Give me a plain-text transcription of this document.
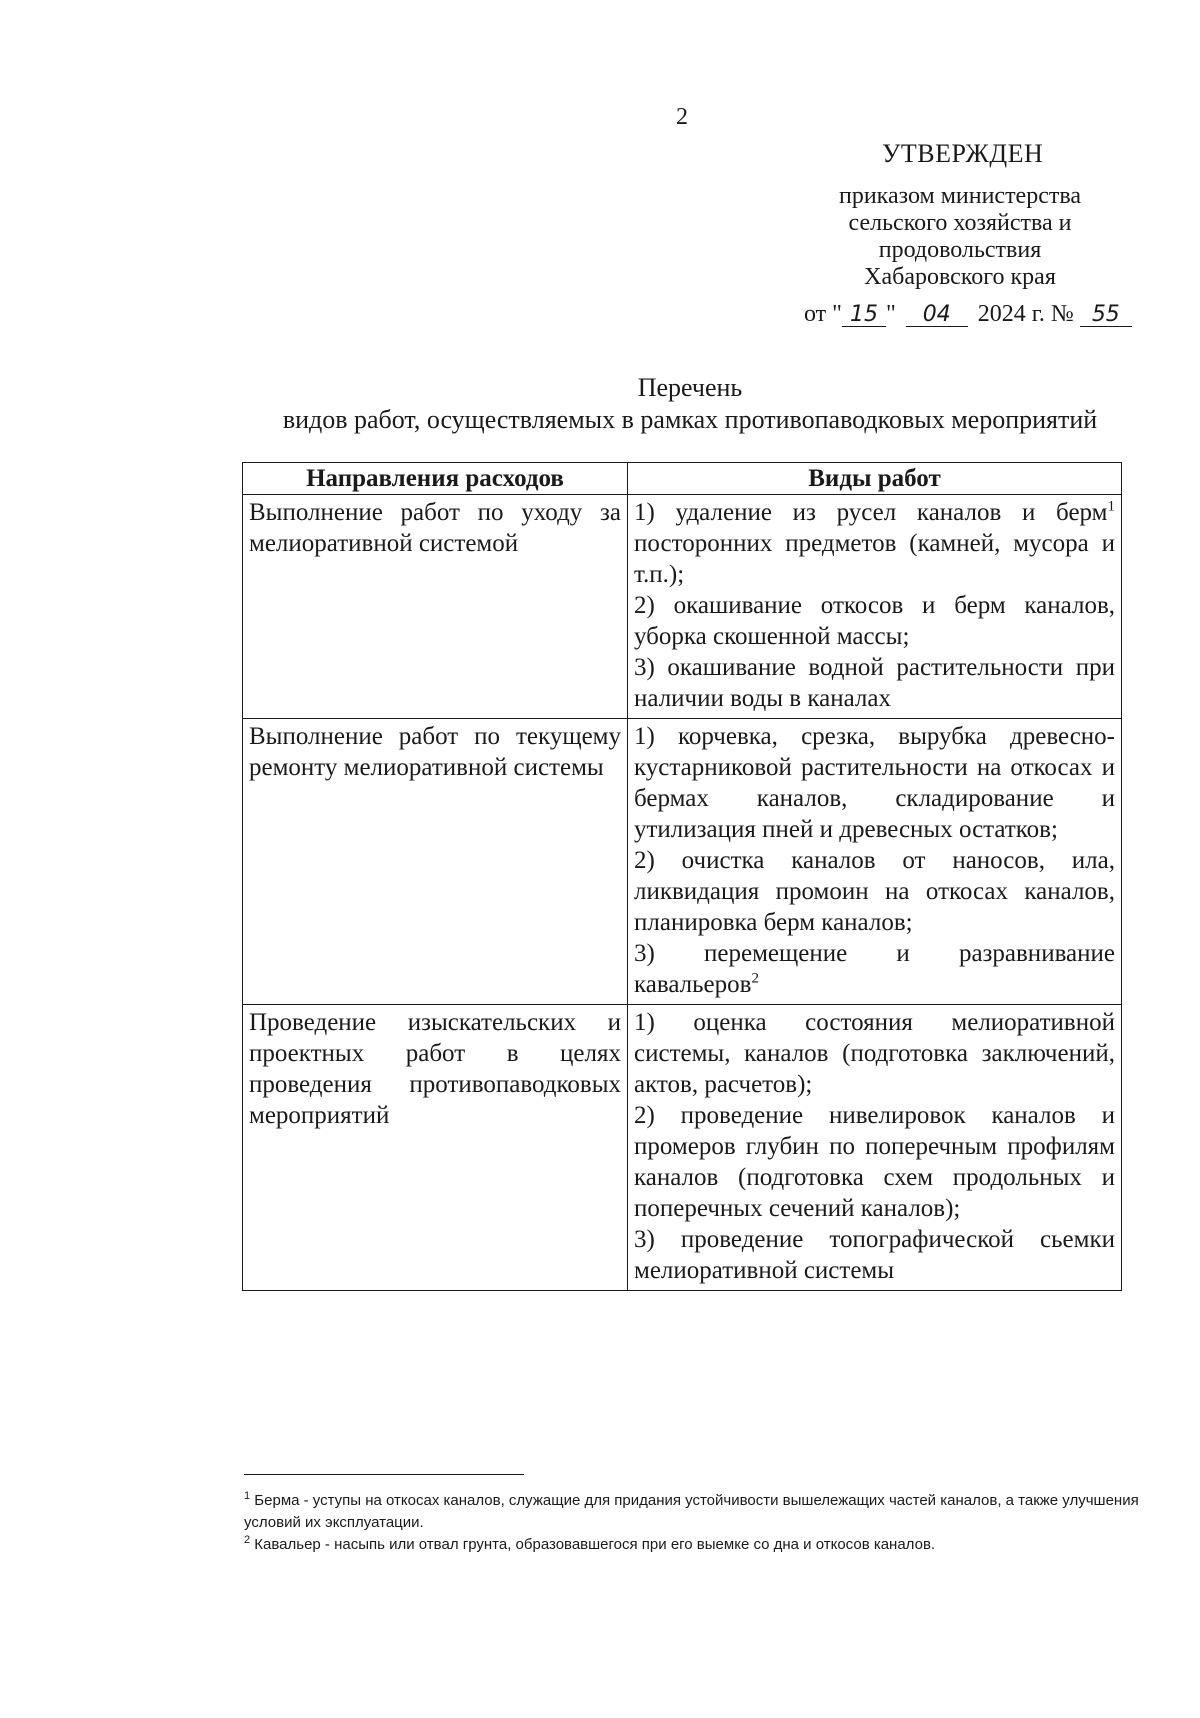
2
УТВЕРЖДЕН
приказом министерства
сельского хозяйства и
продовольствия
Хабаровского края
от " 15 " 04 2024 г. № 55
Перечень
видов работ, осуществляемых в рамках противопаводковых мероприятий
Направления расходов	Виды работ
Выполнение работ по уходу за мелиоративной системой	1) удаление из русел каналов и берм$^1$ посторонних предметов (камней, мусора и т.п.);
2) окашивание откосов и берм каналов, уборка скошенной массы;
3) окашивание водной растительности при наличии воды в каналах

Выполнение работ по текущему ремонту мелиоративной системы	1) корчевка, срезка, вырубка древесно-кустарниковой растительности на откосах и бермах каналов, складирование и утилизация пней и древесных остатков;
2) очистка каналов от наносов, ила, ликвидация промоин на откосах каналов, планировка берм каналов;
3) перемещение и разравнивание кавальеров$^2$

Проведение изыскательских и проектных работ в целях проведения противопаводковых мероприятий	1) оценка состояния мелиоративной системы, каналов (подготовка заключений, актов, расчетов);
2) проведение нивелировок каналов и промеров глубин по поперечным профилям каналов (подготовка схем продольных и поперечных сечений каналов);
3) проведение топографической сьемки мелиоративной системы

$^1$ Берма - уступы на откосах каналов, служащие для придания устойчивости вышележащих частей каналов, а также улучшения условий их эксплуатации.

$^2$ Кавальер - насыпь или отвал грунта, образовавшегося при его выемке со дна и откосов каналов.
